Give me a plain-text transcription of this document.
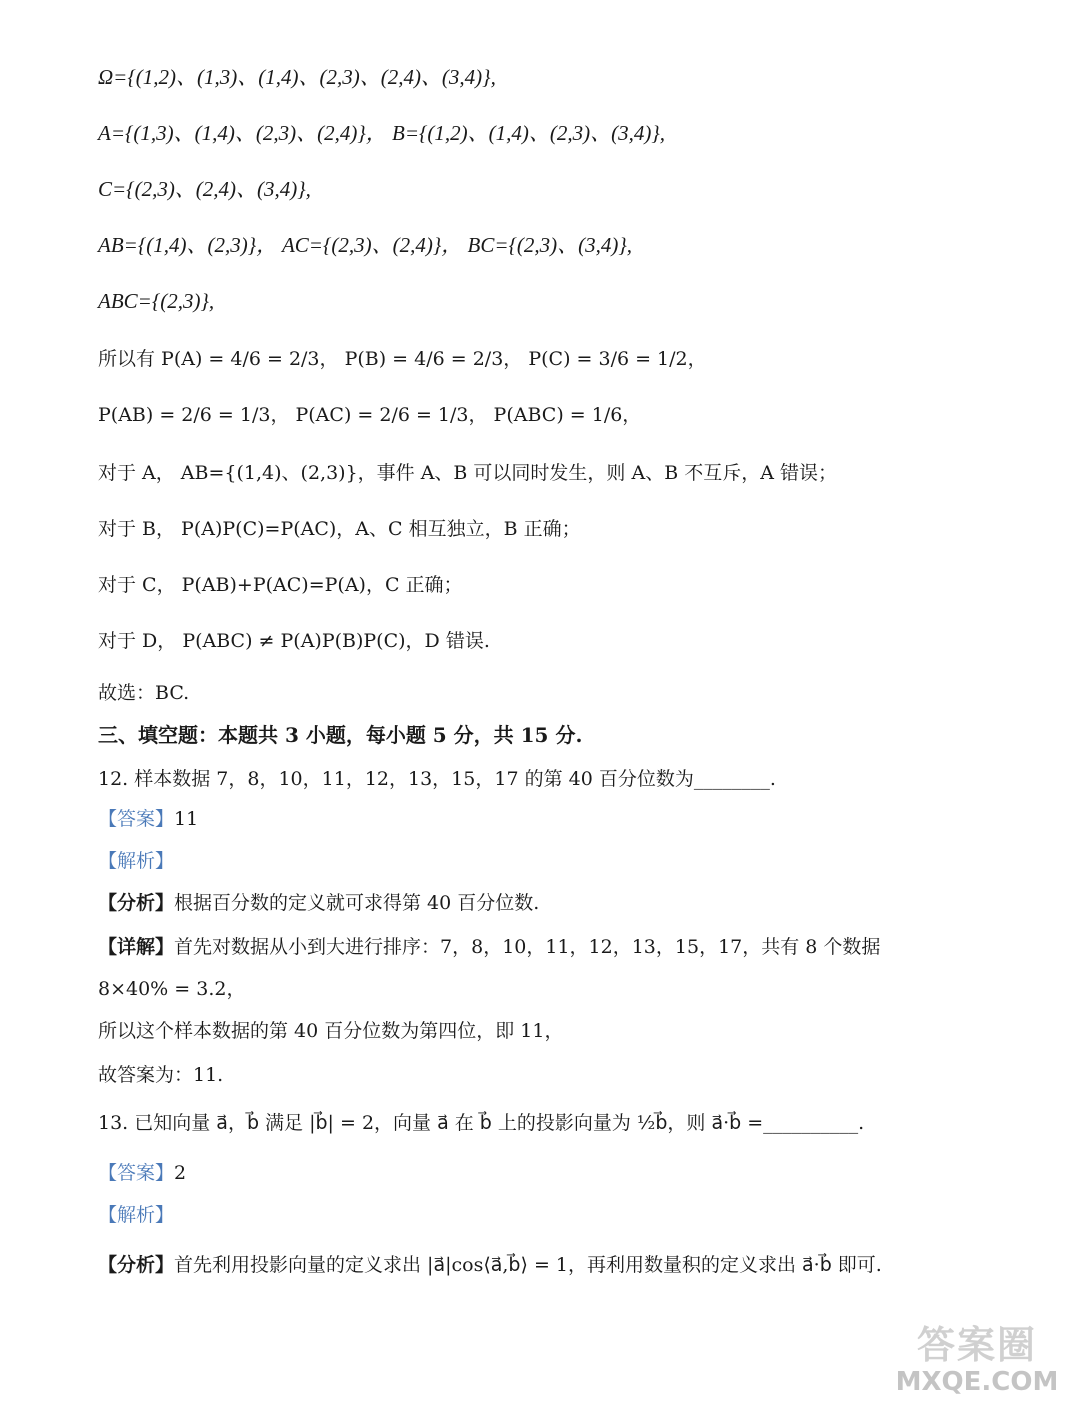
Ω={(1,2)、(1,3)、(1,4)、(2,3)、(2,4)、(3,4)},
A={(1,3)、(1,4)、(2,3)、(2,4)}， B={(1,2)、(1,4)、(2,3)、(3,4)},
C={(2,3)、(2,4)、(3,4)},
AB={(1,4)、(2,3)}， AC={(2,3)、(2,4)}， BC={(2,3)、(3,4)},
ABC={(2,3)},
所以有 P(A) = 4/6 = 2/3， P(B) = 4/6 = 2/3， P(C) = 3/6 = 1/2，
P(AB) = 2/6 = 1/3， P(AC) = 2/6 = 1/3， P(ABC) = 1/6，
对于 A， AB={(1,4)、(2,3)}，事件 A、B 可以同时发生，则 A、B 不互斥，A 错误；
对于 B， P(A)P(C)=P(AC)，A、C 相互独立，B 正确；
对于 C， P(AB)+P(AC)=P(A)，C 正确；
对于 D， P(ABC) ≠ P(A)P(B)P(C)，D 错误.
故选：BC.
三、填空题：本题共 3 小题，每小题 5 分，共 15 分.
12. 样本数据 7，8，10，11，12，13，15，17 的第 40 百分位数为________.
【答案】11
【解析】
【分析】根据百分数的定义就可求得第 40 百分位数.
【详解】首先对数据从小到大进行排序：7，8，10，11，12，13，15，17，共有 8 个数据
8×40% = 3.2，
所以这个样本数据的第 40 百分位数为第四位，即 11，
故答案为：11.
13. 已知向量 a⃗，b⃗ 满足 |b⃗| = 2，向量 a⃗ 在 b⃗ 上的投影向量为 ½b⃗，则 a⃗·b⃗ =__________.
【答案】2
【解析】
【分析】首先利用投影向量的定义求出 |a⃗|cos⟨a⃗,b⃗⟩ = 1，再利用数量积的定义求出 a⃗·b⃗ 即可.
答案圈
MXQE.COM
